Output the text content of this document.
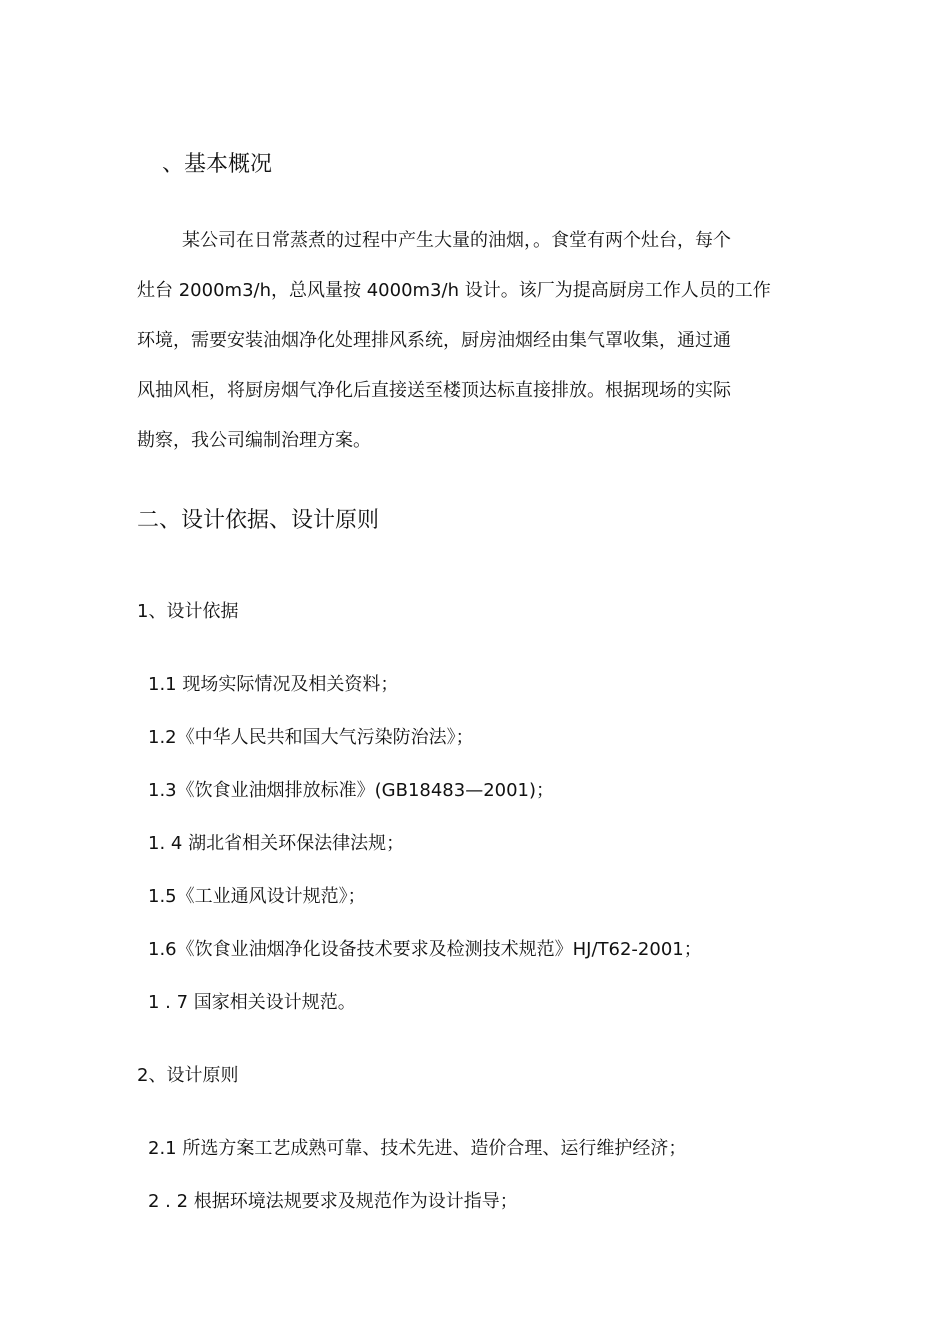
、基本概况
某公司在日常蒸煮的过程中产生大量的油烟，。食堂有两个灶台，每个
灶台 2000m3/h，总风量按 4000m3/h 设计。该厂为提高厨房工作人员的工作
环境，需要安装油烟净化处理排风系统，厨房油烟经由集气罩收集，通过通
风抽风柜，将厨房烟气净化后直接送至楼顶达标直接排放。根据现场的实际
勘察，我公司编制治理方案。
二、设计依据、设计原则
1、设计依据
1.1 现场实际情况及相关资料；
1.2《中华人民共和国大气污染防治法》；
1.3《饮食业油烟排放标准》(GB18483—2001)；
1. 4 湖北省相关环保法律法规；
1.5《工业通风设计规范》；
1.6《饮食业油烟净化设备技术要求及检测技术规范》HJ/T62-2001；
1 . 7 国家相关设计规范。
2、设计原则
2.1 所选方案工艺成熟可靠、技术先进、造价合理、运行维护经济；
2 . 2 根据环境法规要求及规范作为设计指导；
